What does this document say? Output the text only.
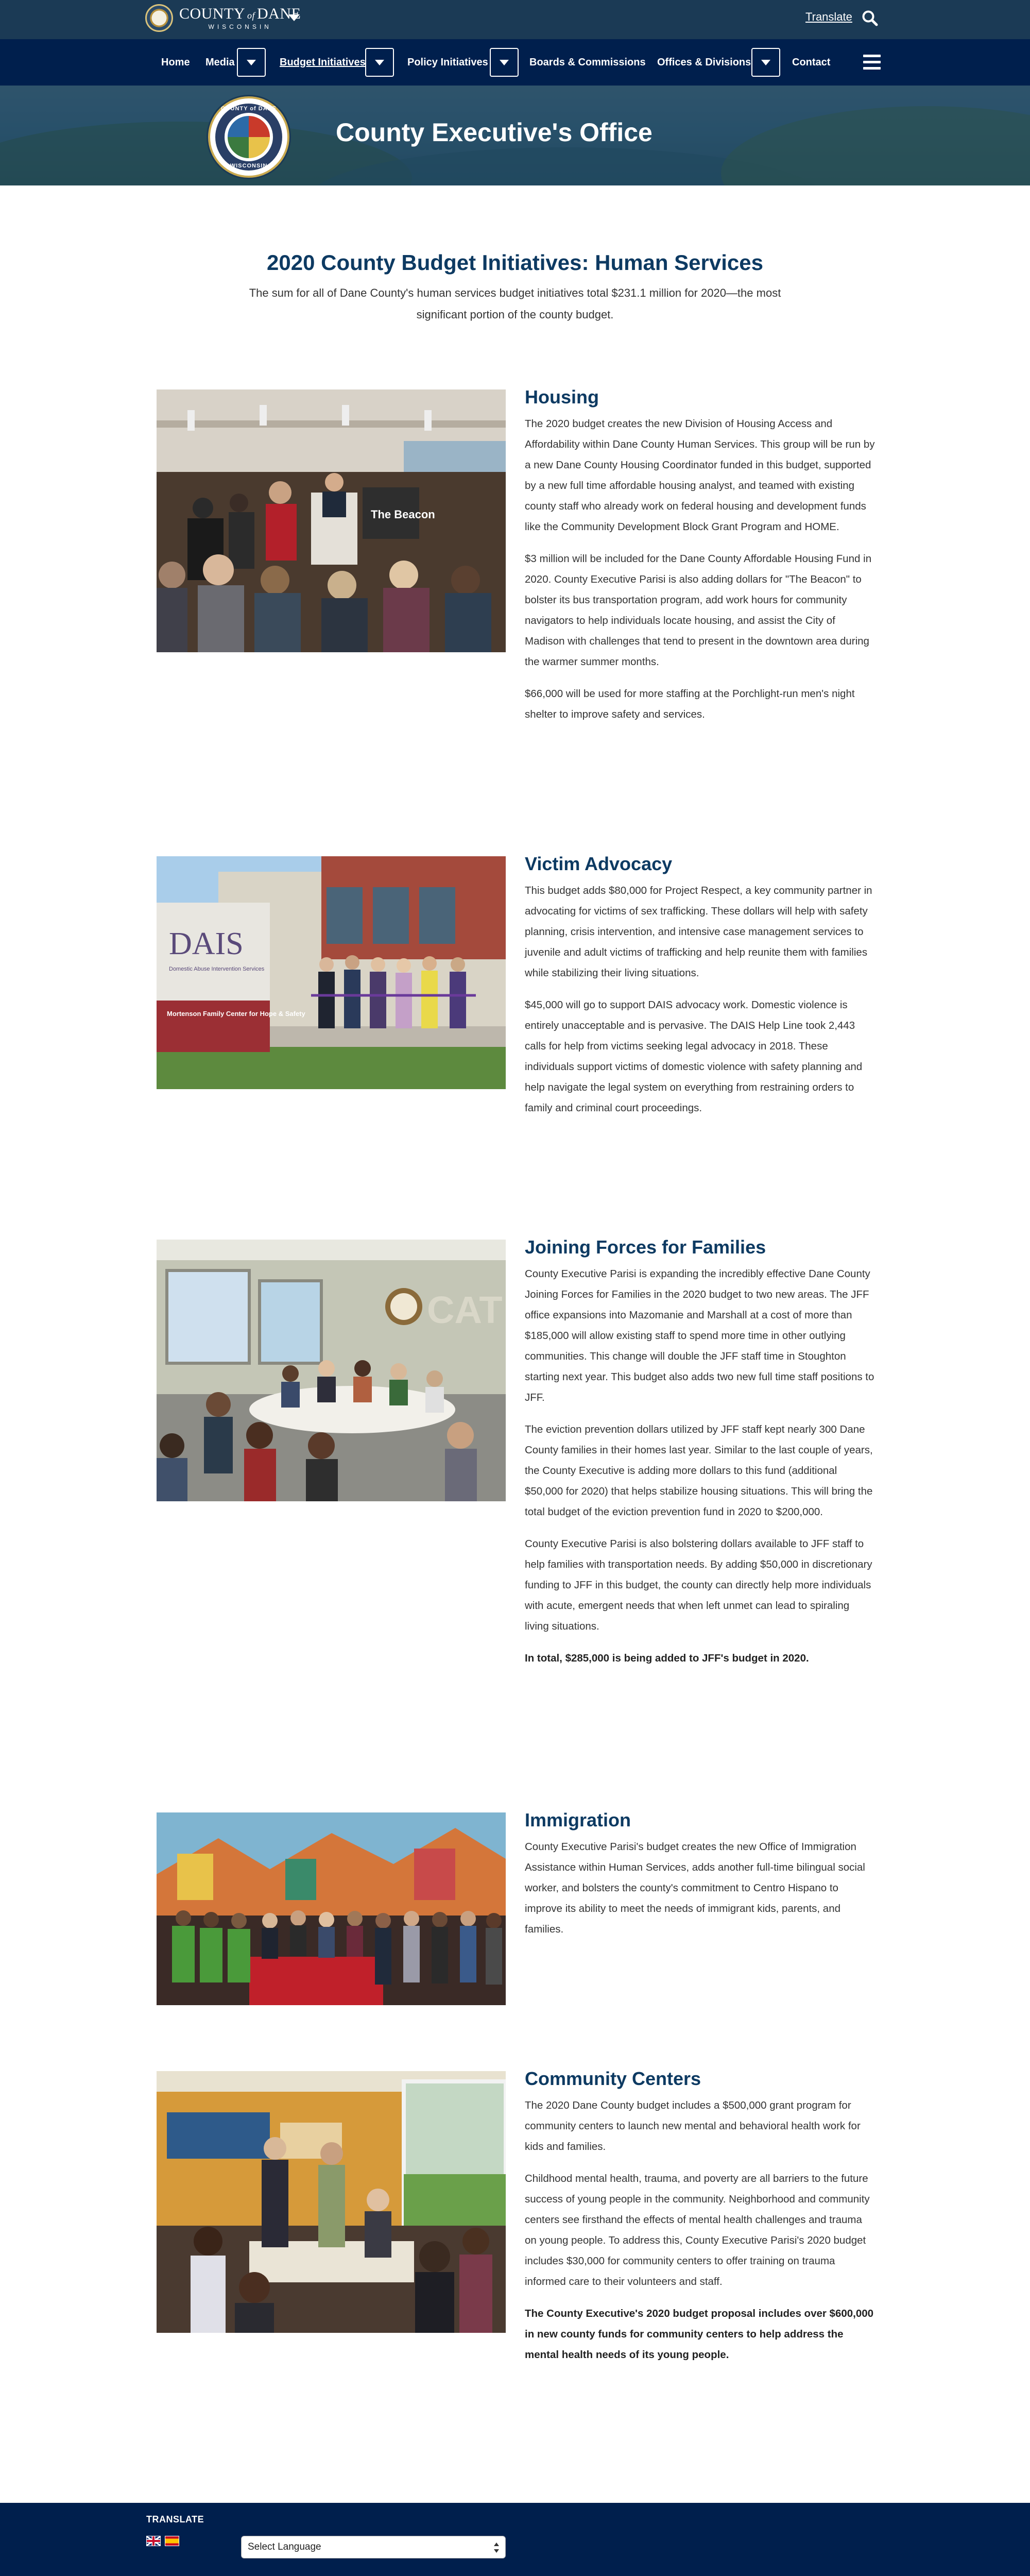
COUNTY of DANE
WISCONSIN
Translate
Home Media	Budget Initiatives	Policy Initiatives	Boards & Commissions Offices & Divisions	Contact
COUNTY of DANE
WISCONSIN
County Executive's Office
2020 County Budget Initiatives: Human Services

The sum for all of Dane County's human services budget initiatives total $231.1 million for 2020—the most significant portion of the county budget.

The Beacon
Housing

The 2020 budget creates the new Division of Housing Access and Affordability within Dane County Human Services. This group will be run by a new Dane County Housing Coordinator funded in this budget, supported by a new full time affordable housing analyst, and teamed with existing county staff who already work on federal housing and development funds like the Community Development Block Grant Program and HOME.

$3 million will be included for the Dane County Affordable Housing Fund in 2020. County Executive Parisi is also adding dollars for "The Beacon" to bolster its bus transportation program, add work hours for community navigators to help individuals locate housing, and assist the City of Madison with challenges that tend to present in the downtown area during the warmer summer months.

$66,000 will be used for more staffing at the Porchlight-run men's night shelter to improve safety and services.

DAIS
Domestic Abuse Intervention Services
Mortenson Family Center for Hope & Safety
Victim Advocacy

This budget adds $80,000 for Project Respect, a key community partner in advocating for victims of sex trafficking. These dollars will help with safety planning, crisis intervention, and intensive case management services to juvenile and adult victims of trafficking and help reunite them with families while stabilizing their living situations.

$45,000 will go to support DAIS advocacy work. Domestic violence is entirely unacceptable and is pervasive. The DAIS Help Line took 2,443 calls for help from victims seeking legal advocacy in 2018. These individuals support victims of domestic violence with safety planning and help navigate the legal system on everything from restraining orders to family and criminal court proceedings.

CAT
Joining Forces for Families

County Executive Parisi is expanding the incredibly effective Dane County Joining Forces for Families in the 2020 budget to two new areas. The JFF office expansions into Mazomanie and Marshall at a cost of more than $185,000 will allow existing staff to spend more time in other outlying communities. This change will double the JFF staff time in Stoughton starting next year. This budget also adds two new full time staff positions to JFF.

The eviction prevention dollars utilized by JFF staff kept nearly 300 Dane County families in their homes last year. Similar to the last couple of years, the County Executive is adding more dollars to this fund (additional $50,000 for 2020) that helps stabilize housing situations. This will bring the total budget of the eviction prevention fund in 2020 to $200,000.

County Executive Parisi is also bolstering dollars available to JFF staff to help families with transportation needs. By adding $50,000 in discretionary funding to JFF in this budget, the county can directly help more individuals with acute, emergent needs that when left unmet can lead to spiraling living situations.

In total, $285,000 is being added to JFF's budget in 2020.

Immigration

County Executive Parisi's budget creates the new Office of Immigration Assistance within Human Services, adds another full-time bilingual social worker, and bolsters the county's commitment to Centro Hispano to improve its ability to meet the needs of immigrant kids, parents, and families.

Community Centers

The 2020 Dane County budget includes a $500,000 grant program for community centers to launch new mental and behavioral health work for kids and families.

Childhood mental health, trauma, and poverty are all barriers to the future success of young people in the community. Neighborhood and community centers see firsthand the effects of mental health challenges and trauma on young people. To address this, County Executive Parisi's 2020 budget includes $30,000 for community centers to offer training on trauma informed care to their volunteers and staff.

The County Executive's 2020 budget proposal includes over $600,000 in new county funds for community centers to help address the mental health needs of its young people.

TRANSLATE
Select Language
